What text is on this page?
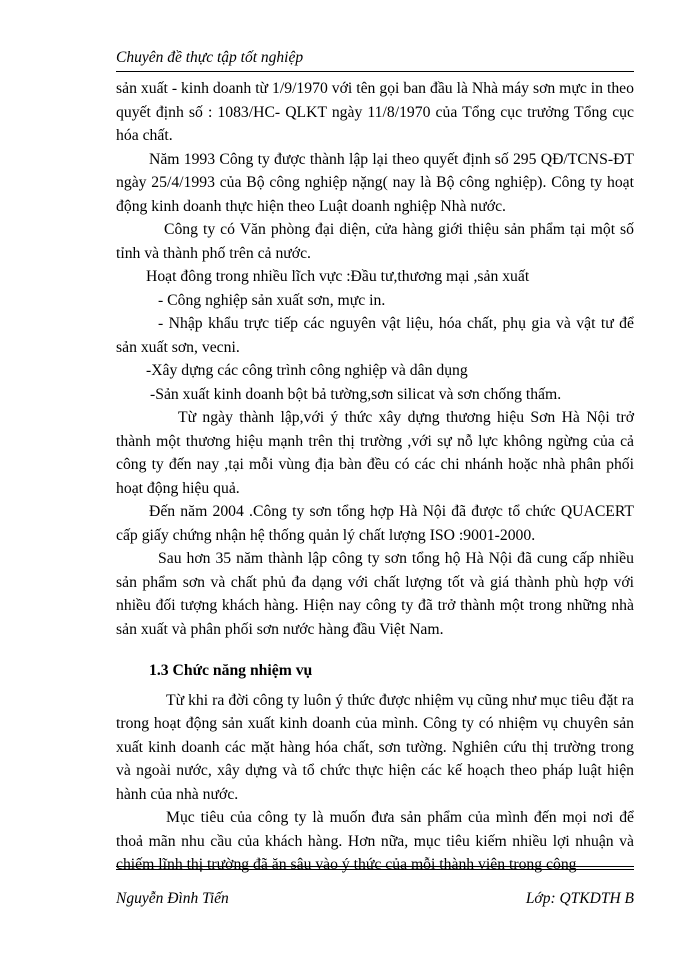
Chuyên đề thực tập tốt nghiệp

sản xuất - kinh doanh từ 1/9/1970 với tên gọi ban đầu là Nhà máy sơn mực in theo quyết định số : 1083/HC- QLKT ngày 11/8/1970 của Tổng cục trưởng Tổng cục hóa chất.

Năm 1993 Công ty được thành lập lại theo quyết định số 295 QĐ/TCNS-ĐT ngày 25/4/1993 của Bộ công nghiệp nặng( nay là Bộ công nghiệp). Công ty hoạt động kinh doanh thực hiện theo Luật doanh nghiệp Nhà nước.

Công ty có Văn phòng đại diện, cửa hàng giới thiệu sản phẩm tại một số tỉnh và thành phố trên cả nước.

Hoạt đông trong nhiều lĩch vực :Đầu tư,thương mại ,sản xuất

- Công nghiệp sản xuất sơn, mực in.

- Nhập khẩu trực tiếp các nguyên vật liệu, hóa chất, phụ gia và vật tư để sản xuất sơn, vecni.

-Xây dựng các công trình công nghiệp và dân dụng

-Sản xuất kinh doanh bột bả tường,sơn silicat và sơn chống thấm.

Từ ngày thành lập,với ý thức xây dựng thương hiệu Sơn Hà Nội trở thành một thương hiệu mạnh trên thị trường ,với sự nỗ lực không ngừng của cả công ty đến nay ,tại mỗi vùng địa bàn đều có các chi nhánh hoặc nhà phân phối hoạt động hiệu quả.

Đến năm 2004 .Công ty sơn tổng hợp Hà Nội đã được tổ chức QUACERT cấp giấy chứng nhận hệ thống quản lý chất lượng ISO :9001-2000.

Sau hơn 35 năm thành lập công ty sơn tổng hộ Hà Nội đã cung cấp nhiều sản phẩm sơn và chất phủ đa dạng với chất lượng tốt và giá thành phù hợp với nhiều đối tượng khách hàng. Hiện nay công ty đã trở thành một trong những nhà sản xuất và phân phối sơn nước hàng đầu Việt Nam.

1.3 Chức năng nhiệm vụ

Từ khi ra đời công ty luôn ý thức được nhiệm vụ cũng như mục tiêu đặt ra trong hoạt động sản xuất kinh doanh của mình. Công ty có nhiệm vụ chuyên sản xuất kinh doanh các mặt hàng hóa chất, sơn tường. Nghiên cứu thị trường trong và ngoài nước, xây dựng và tổ chức thực hiện các kế hoạch theo pháp luật hiện hành của nhà nước.

Mục tiêu của công ty là muốn đưa sản phẩm của mình đến mọi nơi để thoả mãn nhu cầu của khách hàng. Hơn nữa, mục tiêu kiếm nhiều lợi nhuận và chiếm lĩnh thị trường đã ăn sâu vào ý thức của mỗi thành viên trong công

Nguyễn Đình Tiến	Lớp: QTKDTH B
